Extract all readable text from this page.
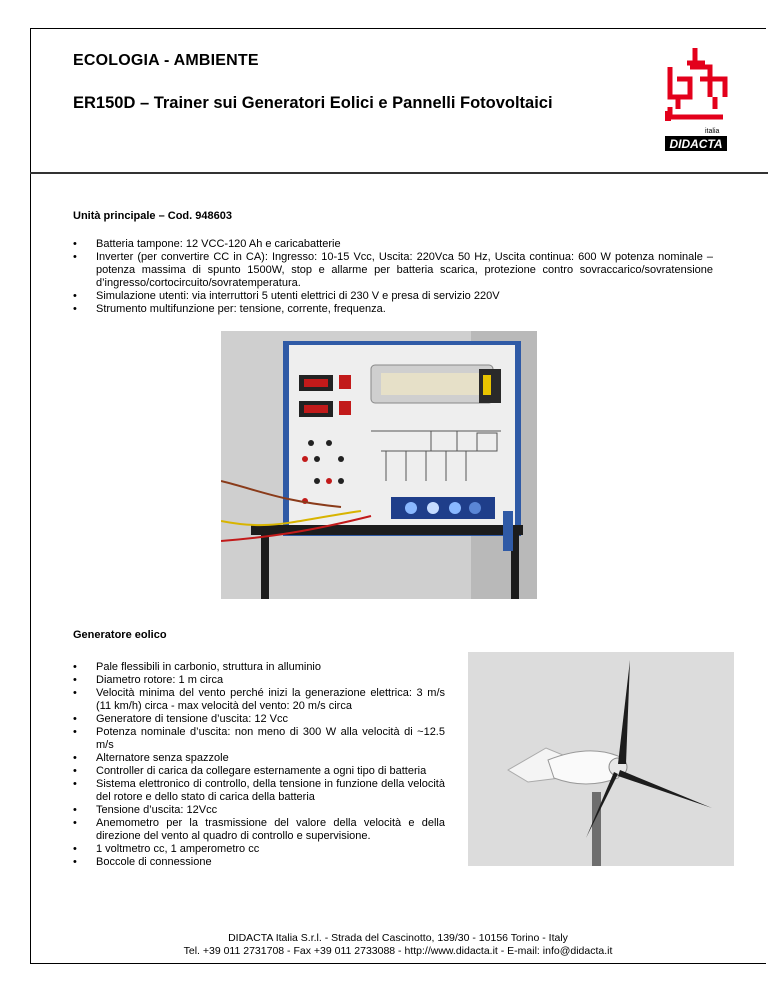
ECOLOGIA - AMBIENTE
ER150D – Trainer sui Generatori Eolici e Pannelli Fotovoltaici
italia
DIDACTA
Unità principale – Cod. 948603
• Batteria tampone: 12 VCC-120 Ah e caricabatterie
• Inverter (per convertire CC in CA): Ingresso: 10-15 Vcc, Uscita: 220Vca 50 Hz, Uscita continua: 600 W potenza nominale – potenza massima di spunto 1500W, stop e allarme per batteria scarica, protezione contro sovraccarico/sovratensione d’ingresso/cortocircuito/sovratemperatura.
• Simulazione utenti: via interruttori 5 utenti elettrici di 230 V e presa di servizio 220V
• Strumento multifunzione per: tensione, corrente, frequenza.
Generatore eolico
• Pale flessibili in carbonio, struttura in alluminio
• Diametro rotore: 1 m circa
• Velocità minima del vento perché inizi la generazione elettrica: 3 m/s (11 km/h) circa - max velocità del vento: 20 m/s circa
• Generatore di tensione d’uscita: 12 Vcc
• Potenza nominale d’uscita: non meno di 300 W alla velocità di ~12.5 m/s
• Alternatore senza spazzole
• Controller di carica da collegare esternamente a ogni tipo di batteria
• Sistema elettronico di controllo, della tensione in funzione della velocità del rotore e dello stato di carica della batteria
• Tensione d’uscita: 12Vcc
• Anemometro per la trasmissione del valore della velocità e della direzione del vento al quadro di controllo e supervisione.
• 1 voltmetro cc, 1 amperometro cc
• Boccole di connessione
DIDACTA Italia S.r.l. - Strada del Cascinotto, 139/30 - 10156 Torino - Italy
Tel. +39 011 2731708 - Fax +39 011 2733088 - http://www.didacta.it - E-mail: info@didacta.it
